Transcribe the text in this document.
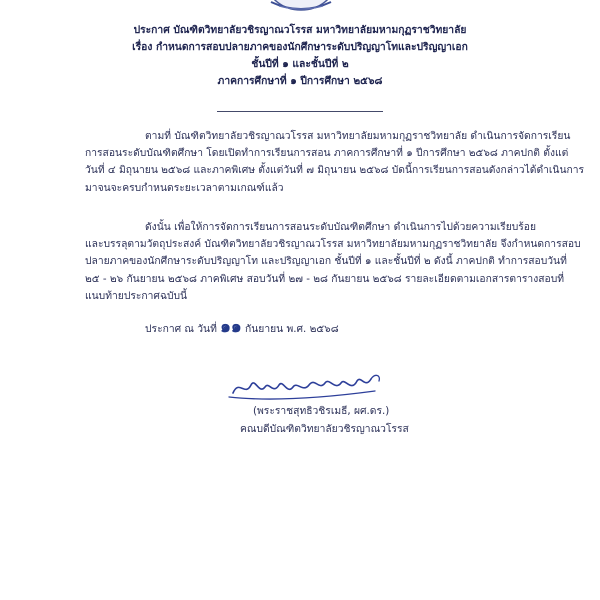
ประกาศ บัณฑิตวิทยาลัยวชิรญาณวโรรส มหาวิทยาลัยมหามกุฏราชวิทยาลัย
เรื่อง กำหนดการสอบปลายภาคของนักศึกษาระดับปริญญาโทและปริญญาเอก
ชั้นปีที่ ๑ และชั้นปีที่ ๒
ภาคการศึกษาที่ ๑ ปีการศึกษา ๒๕๖๘
ตามที่ บัณฑิตวิทยาลัยวชิรญาณวโรรส มหาวิทยาลัยมหามกุฏราชวิทยาลัย ดำเนินการจัดการเรียน
การสอนระดับบัณฑิตศึกษา โดยเปิดทำการเรียนการสอน ภาคการศึกษาที่ ๑ ปีการศึกษา ๒๕๖๘ ภาคปกติ ตั้งแต่
วันที่ ๔ มิถุนายน ๒๕๖๘ และภาคพิเศษ ตั้งแต่วันที่ ๗ มิถุนายน ๒๕๖๘ บัดนี้การเรียนการสอนดังกล่าวได้ดำเนินการ
มาจนจะครบกำหนดระยะเวลาตามเกณฑ์แล้ว
ดังนั้น เพื่อให้การจัดการเรียนการสอนระดับบัณฑิตศึกษา ดำเนินการไปด้วยความเรียบร้อย
และบรรลุตามวัตถุประสงค์ บัณฑิตวิทยาลัยวชิรญาณวโรรส มหาวิทยาลัยมหามกุฏราชวิทยาลัย จึงกำหนดการสอบ
ปลายภาคของนักศึกษาระดับปริญญาโท และปริญญาเอก ชั้นปีที่ ๑ และชั้นปีที่ ๒ ดังนี้ ภาคปกติ ทำการสอบวันที่
๒๕ - ๒๖ กันยายน ๒๕๖๘ ภาคพิเศษ สอบวันที่ ๒๗ - ๒๘ กันยายน ๒๕๖๘ รายละเอียดตามเอกสารตารางสอบที่
แนบท้ายประกาศฉบับนี้
ประกาศ ณ วันที่ ๑๑ กันยายน พ.ศ. ๒๕๖๘
(พระราชสุทธิวชิรเมธี, ผศ.ดร.)
คณบดีบัณฑิตวิทยาลัยวชิรญาณวโรรส
